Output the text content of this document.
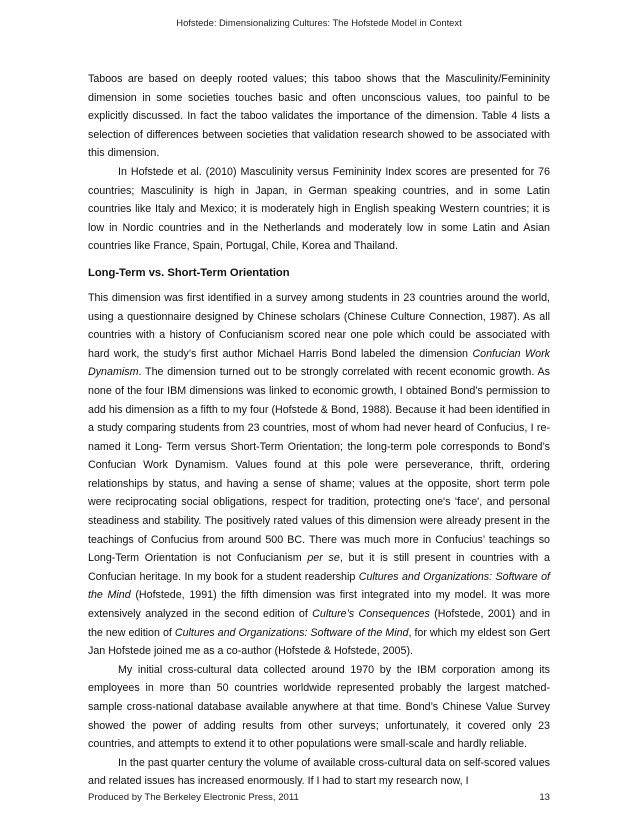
Hofstede: Dimensionalizing Cultures: The Hofstede Model in Context

Taboos are based on deeply rooted values; this taboo shows that the Masculinity/Femininity dimension in some societies touches basic and often unconscious values, too painful to be explicitly discussed. In fact the taboo validates the importance of the dimension. Table 4 lists a selection of differences between societies that validation research showed to be associated with this dimension.

In Hofstede et al. (2010) Masculinity versus Femininity Index scores are presented for 76 countries; Masculinity is high in Japan, in German speaking countries, and in some Latin countries like Italy and Mexico; it is moderately high in English speaking Western countries; it is low in Nordic countries and in the Netherlands and moderately low in some Latin and Asian countries like France, Spain, Portugal, Chile, Korea and Thailand.

Long-Term vs. Short-Term Orientation

This dimension was first identified in a survey among students in 23 countries around the world, using a questionnaire designed by Chinese scholars (Chinese Culture Connection, 1987). As all countries with a history of Confucianism scored near one pole which could be associated with hard work, the study’s first author Michael Harris Bond labeled the dimension Confucian Work Dynamism. The dimension turned out to be strongly correlated with recent economic growth. As none of the four IBM dimensions was linked to economic growth, I obtained Bond’s permission to add his dimension as a fifth to my four (Hofstede & Bond, 1988). Because it had been identified in a study comparing students from 23 countries, most of whom had never heard of Confucius, I re-named it Long- Term versus Short-Term Orientation; the long-term pole corresponds to Bond’s Confucian Work Dynamism. Values found at this pole were perseverance, thrift, ordering relationships by status, and having a sense of shame; values at the opposite, short term pole were reciprocating social obligations, respect for tradition, protecting one's 'face', and personal steadiness and stability. The positively rated values of this dimension were already present in the teachings of Confucius from around 500 BC. There was much more in Confucius’ teachings so Long-Term Orientation is not Confucianism per se, but it is still present in countries with a Confucian heritage. In my book for a student readership Cultures and Organizations: Software of the Mind (Hofstede, 1991) the fifth dimension was first integrated into my model. It was more extensively analyzed in the second edition of Culture’s Consequences (Hofstede, 2001) and in the new edition of Cultures and Organizations: Software of the Mind, for which my eldest son Gert Jan Hofstede joined me as a co-author (Hofstede & Hofstede, 2005).

My initial cross-cultural data collected around 1970 by the IBM corporation among its employees in more than 50 countries worldwide represented probably the largest matched-sample cross-national database available anywhere at that time. Bond’s Chinese Value Survey showed the power of adding results from other surveys; unfortunately, it covered only 23 countries, and attempts to extend it to other populations were small-scale and hardly reliable.

In the past quarter century the volume of available cross-cultural data on self-scored values and related issues has increased enormously. If I had to start my research now, I

Produced by The Berkeley Electronic Press, 2011	13
